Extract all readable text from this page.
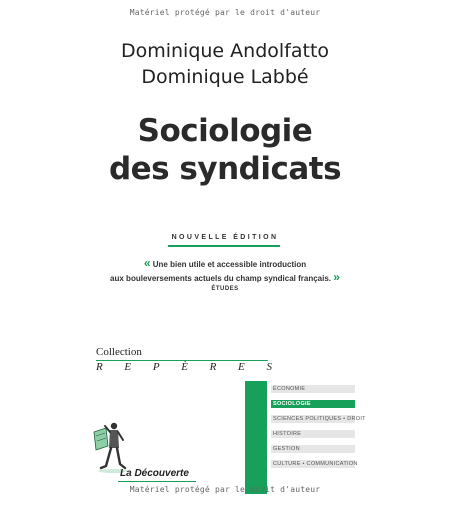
Matériel protégé par le droit d'auteur
Dominique Andolfatto
Dominique Labbé
Sociologie
des syndicats
NOUVELLE ÉDITION
« Une bien utile et accessible introduction
aux bouleversements actuels du champ syndical français. »
ÉTUDES
Collection
R E P È R E S
ÉCONOMIE
SOCIOLOGIE
SCIENCES POLITIQUES • DROIT
HISTOIRE
GESTION
CULTURE • COMMUNICATION
La Découverte
Matériel protégé par le droit d'auteur
